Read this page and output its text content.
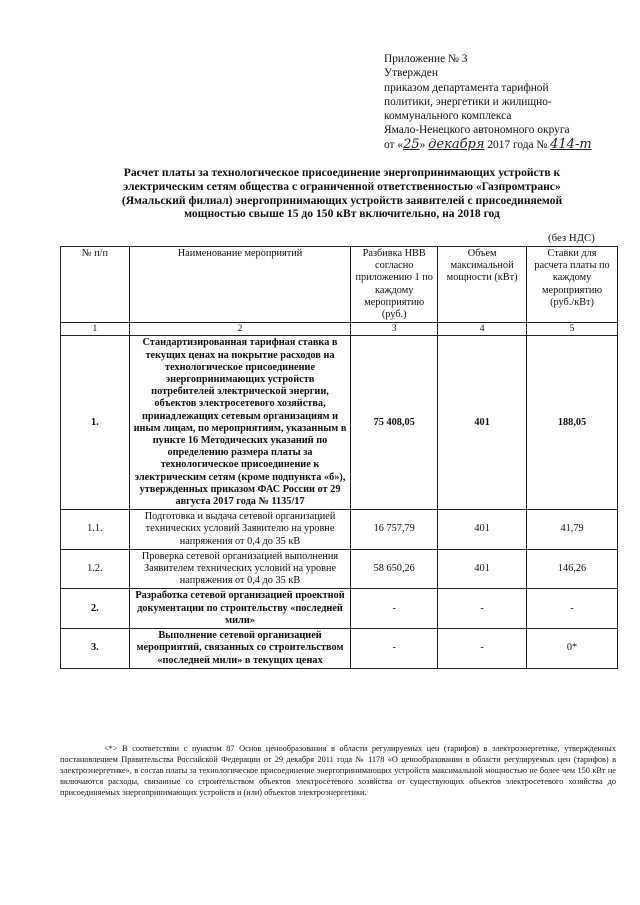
Приложение № 3
Утвержден
приказом департамента тарифной
политики, энергетики и жилищно-
коммунального комплекса
Ямало-Ненецкого автономного округа
от «25» декабря 2017 года № 414-т
Расчет платы за технологическое присоединение энергопринимающих устройств к электрическим сетям общества с ограниченной ответственностью «Газпромтранс» (Ямальский филиал) энергопринимающих устройств заявителей с присоединяемой мощностью свыше 15 до 150 кВт включительно, на 2018 год
(без НДС)
№ п/п	Наименование мероприятий	Разбивка НВВ согласно приложению 1 по каждому мероприятию (руб.)	Объем максимальной мощности (кВт)	Ставки для расчета платы по каждому мероприятию (руб./кВт)
1	2	3	4	5
1.	Стандартизированная тарифная ставка в текущих ценах на покрытие расходов на технологическое присоединение энергопринимающих устройств потребителей электрической энергии, объектов электросетевого хозяйства, принадлежащих сетевым организациям и иным лицам, по мероприятиям, указанным в пункте 16 Методических указаний по определению размера платы за технологическое присоединение к электрическим сетям (кроме подпункта «б»), утвержденных приказом ФАС России от 29 августа 2017 года № 1135/17	75 408,05	401	188,05
1.1.	Подготовка и выдача сетевой организацией технических условий Заявителю на уровне напряжения от 0,4 до 35 кВ	16 757,79	401	41,79
1.2.	Проверка сетевой организацией выполнения Заявителем технических условий на уровне напряжения от 0,4 до 35 кВ	58 650,26	401	146,26
2.	Разработка сетевой организацией проектной документации по строительству «последней мили»	-	-	-
3.	Выполнение сетевой организацией мероприятий, связанных со строительством «последней мили» в текущих ценах	-	-	0*

<*> В соответствии с пунктом 87 Основ ценообразования в области регулируемых цен (тарифов) в электроэнергетике, утвержденных постановлением Правительства Российской Федерации от 29 декабря 2011 года № 1178 «О ценообразовании в области регулируемых цен (тарифов) в электроэнергетике», в состав платы за технологическое присоединение энергопринимающих устройств максимальной мощностью не более чем 150 кВт не включаются расходы, связанные со строительством объектов электросетевого хозяйства от существующих объектов электросетевого хозяйства до присоединяемых энергопринимающих устройств и (или) объектов электроэнергетики.
